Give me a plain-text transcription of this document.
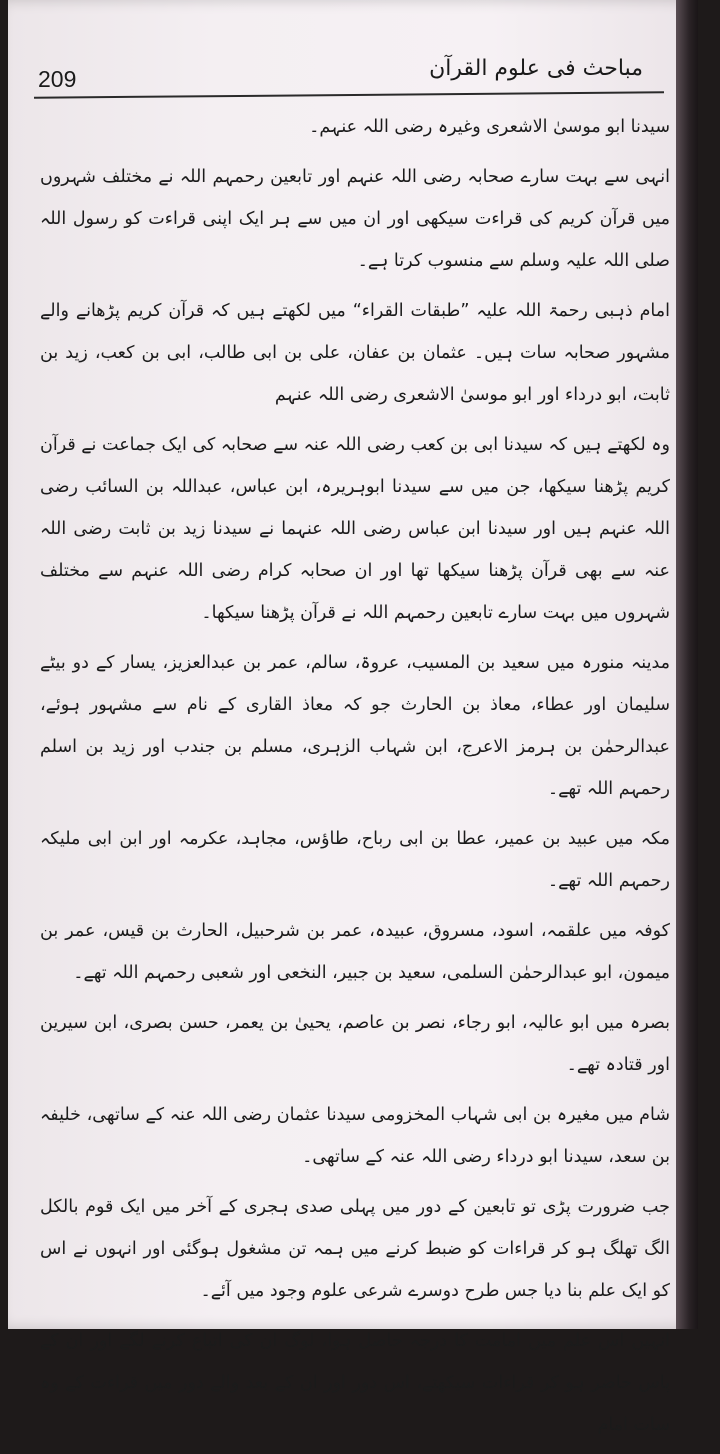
209	مباحث فی علوم القرآن

سیدنا ابو موسیٰ الاشعری وغیرہ رضی اللہ عنہم۔

انہی سے بہت سارے صحابہ رضی اللہ عنہم اور تابعین رحمہم اللہ نے مختلف شہروں میں قرآن کریم کی قراءت سیکھی اور ان میں سے ہر ایک اپنی قراءت کو رسول اللہ صلی اللہ علیہ وسلم سے منسوب کرتا ہے۔

امام ذہبی رحمۃ اللہ علیہ ”طبقات القراء“ میں لکھتے ہیں کہ قرآن کریم پڑھانے والے مشہور صحابہ سات ہیں۔ عثمان بن عفان، علی بن ابی طالب، ابی بن کعب، زید بن ثابت، ابو درداء اور ابو موسیٰ الاشعری رضی اللہ عنہم

وہ لکھتے ہیں کہ سیدنا ابی بن کعب رضی اللہ عنہ سے صحابہ کی ایک جماعت نے قرآن کریم پڑھنا سیکھا، جن میں سے سیدنا ابوہریرہ، ابن عباس، عبداللہ بن السائب رضی اللہ عنہم ہیں اور سیدنا ابن عباس رضی اللہ عنہما نے سیدنا زید بن ثابت رضی اللہ عنہ سے بھی قرآن پڑھنا سیکھا تھا اور ان صحابہ کرام رضی اللہ عنہم سے مختلف شہروں میں بہت سارے تابعین رحمہم اللہ نے قرآن پڑھنا سیکھا۔

مدینہ منورہ میں سعید بن المسیب، عروۃ، سالم، عمر بن عبدالعزیز، یسار کے دو بیٹے سلیمان اور عطاء، معاذ بن الحارث جو کہ معاذ القاری کے نام سے مشہور ہوئے، عبدالرحمٰن بن ہرمز الاعرج، ابن شہاب الزہری، مسلم بن جندب اور زید بن اسلم رحمہم اللہ تھے۔

مکہ میں عبید بن عمیر، عطا بن ابی رباح، طاؤس، مجاہد، عکرمہ اور ابن ابی ملیکہ رحمہم اللہ تھے۔

کوفہ میں علقمہ، اسود، مسروق، عبیدہ، عمر بن شرحبیل، الحارث بن قیس، عمر بن میمون، ابو عبدالرحمٰن السلمی، سعید بن جبیر، النخعی اور شعبی رحمہم اللہ تھے۔

بصرہ میں ابو عالیہ، ابو رجاء، نصر بن عاصم، یحییٰ بن یعمر، حسن بصری، ابن سیرین اور قتادہ تھے۔

شام میں مغیرہ بن ابی شہاب المخزومی سیدنا عثمان رضی اللہ عنہ کے ساتھی، خلیفہ بن سعد، سیدنا ابو درداء رضی اللہ عنہ کے ساتھی۔

جب ضرورت پڑی تو تابعین کے دور میں پہلی صدی ہجری کے آخر میں ایک قوم بالکل الگ تھلگ ہو کر قراءات کو ضبط کرنے میں ہمہ تن مشغول ہوگئی اور انہوں نے اس کو ایک علم بنا دیا جس طرح دوسرے شرعی علوم وجود میں آئے۔

انہیں اس علم میں امامت کا درجہ حاصل ہوا، لوگ ان کی اتباع کرنے لگے اور ان کے پاس حاضر ہو کر قراءات سیکھتے، اس دور اور ان کے بعد والے دور میں قراءت کے وہ سات امام
